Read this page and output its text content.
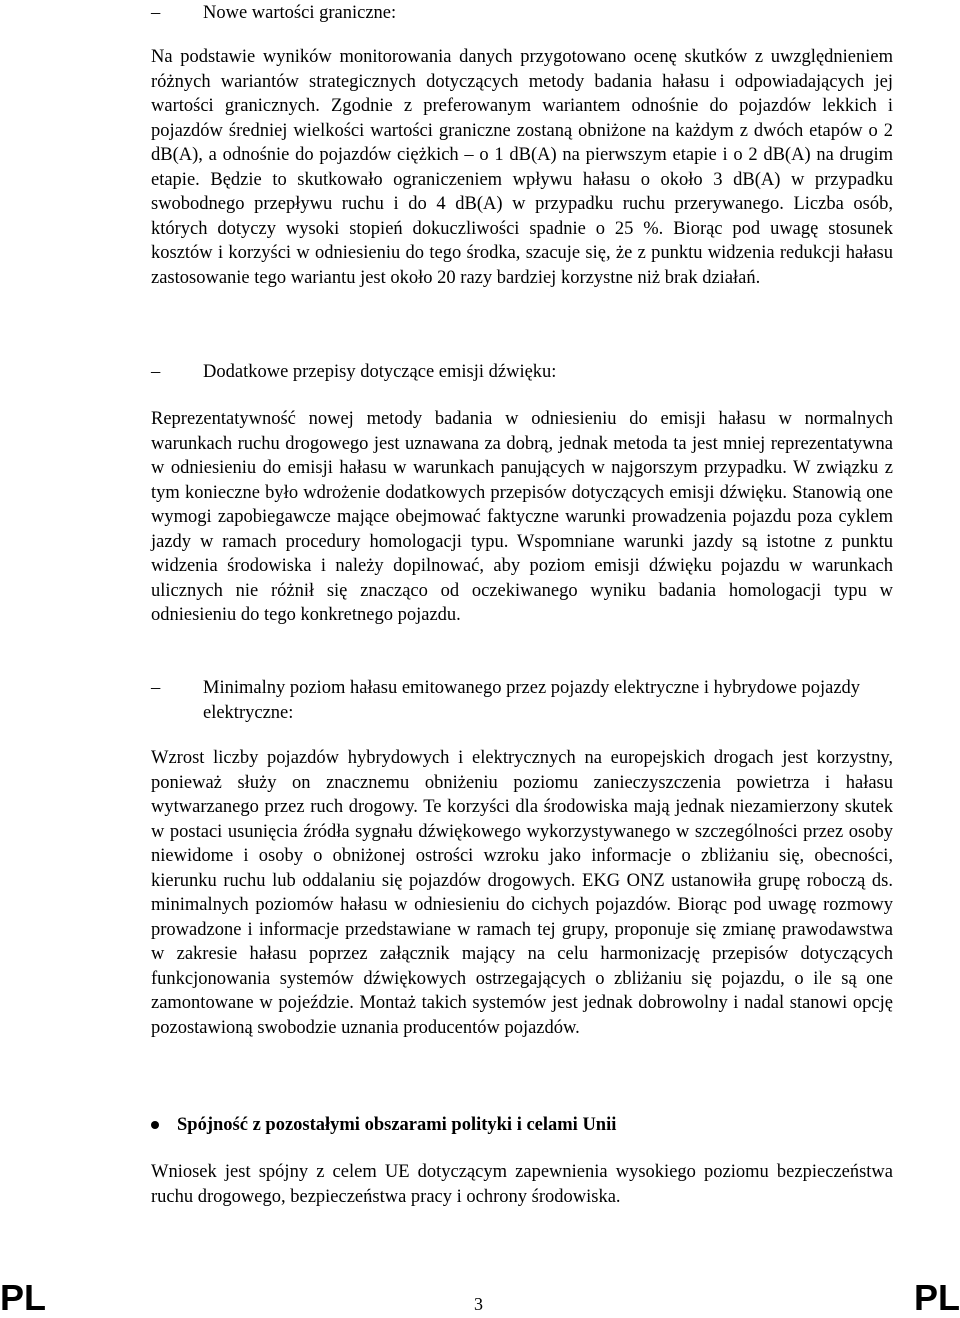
–	Nowe wartości graniczne:

Na podstawie wyników monitorowania danych przygotowano ocenę skutków z uwzględnieniem różnych wariantów strategicznych dotyczących metody badania hałasu i odpowiadających jej wartości granicznych. Zgodnie z preferowanym wariantem odnośnie do pojazdów lekkich i pojazdów średniej wielkości wartości graniczne zostaną obniżone na każdym z dwóch etapów o 2 dB(A), a odnośnie do pojazdów ciężkich – o 1 dB(A) na pierwszym etapie i o 2 dB(A) na drugim etapie. Będzie to skutkowało ograniczeniem wpływu hałasu o około 3 dB(A) w przypadku swobodnego przepływu ruchu i do 4 dB(A) w przypadku ruchu przerywanego. Liczba osób, których dotyczy wysoki stopień dokuczliwości spadnie o 25 %. Biorąc pod uwagę stosunek kosztów i korzyści w odniesieniu do tego środka, szacuje się, że z punktu widzenia redukcji hałasu zastosowanie tego wariantu jest około 20 razy bardziej korzystne niż brak działań.

–	Dodatkowe przepisy dotyczące emisji dźwięku:

Reprezentatywność nowej metody badania w odniesieniu do emisji hałasu w normalnych warunkach ruchu drogowego jest uznawana za dobrą, jednak metoda ta jest mniej reprezentatywna w odniesieniu do emisji hałasu w warunkach panujących w najgorszym przypadku. W związku z tym konieczne było wdrożenie dodatkowych przepisów dotyczących emisji dźwięku. Stanowią one wymogi zapobiegawcze mające obejmować faktyczne warunki prowadzenia pojazdu poza cyklem jazdy w ramach procedury homologacji typu. Wspomniane warunki jazdy są istotne z punktu widzenia środowiska i należy dopilnować, aby poziom emisji dźwięku pojazdu w warunkach ulicznych nie różnił się znacząco od oczekiwanego wyniku badania homologacji typu w odniesieniu do tego konkretnego pojazdu.

–	Minimalny poziom hałasu emitowanego przez pojazdy elektryczne i hybrydowe pojazdy elektryczne:

Wzrost liczby pojazdów hybrydowych i elektrycznych na europejskich drogach jest korzystny, ponieważ służy on znacznemu obniżeniu poziomu zanieczyszczenia powietrza i hałasu wytwarzanego przez ruch drogowy. Te korzyści dla środowiska mają jednak niezamierzony skutek w postaci usunięcia źródła sygnału dźwiękowego wykorzystywanego w szczególności przez osoby niewidome i osoby o obniżonej ostrości wzroku jako informacje o zbliżaniu się, obecności, kierunku ruchu lub oddalaniu się pojazdów drogowych. EKG ONZ ustanowiła grupę roboczą ds. minimalnych poziomów hałasu w odniesieniu do cichych pojazdów. Biorąc pod uwagę rozmowy prowadzone i informacje przedstawiane w ramach tej grupy, proponuje się zmianę prawodawstwa w zakresie hałasu poprzez załącznik mający na celu harmonizację przepisów dotyczących funkcjonowania systemów dźwiękowych ostrzegających o zbliżaniu się pojazdu, o ile są one zamontowane w pojeździe. Montaż takich systemów jest jednak dobrowolny i nadal stanowi opcję pozostawioną swobodzie uznania producentów pojazdów.

Spójność z pozostałymi obszarami polityki i celami Unii

Wniosek jest spójny z celem UE dotyczącym zapewnienia wysokiego poziomu bezpieczeństwa ruchu drogowego, bezpieczeństwa pracy i ochrony środowiska.

PL	3	PL
